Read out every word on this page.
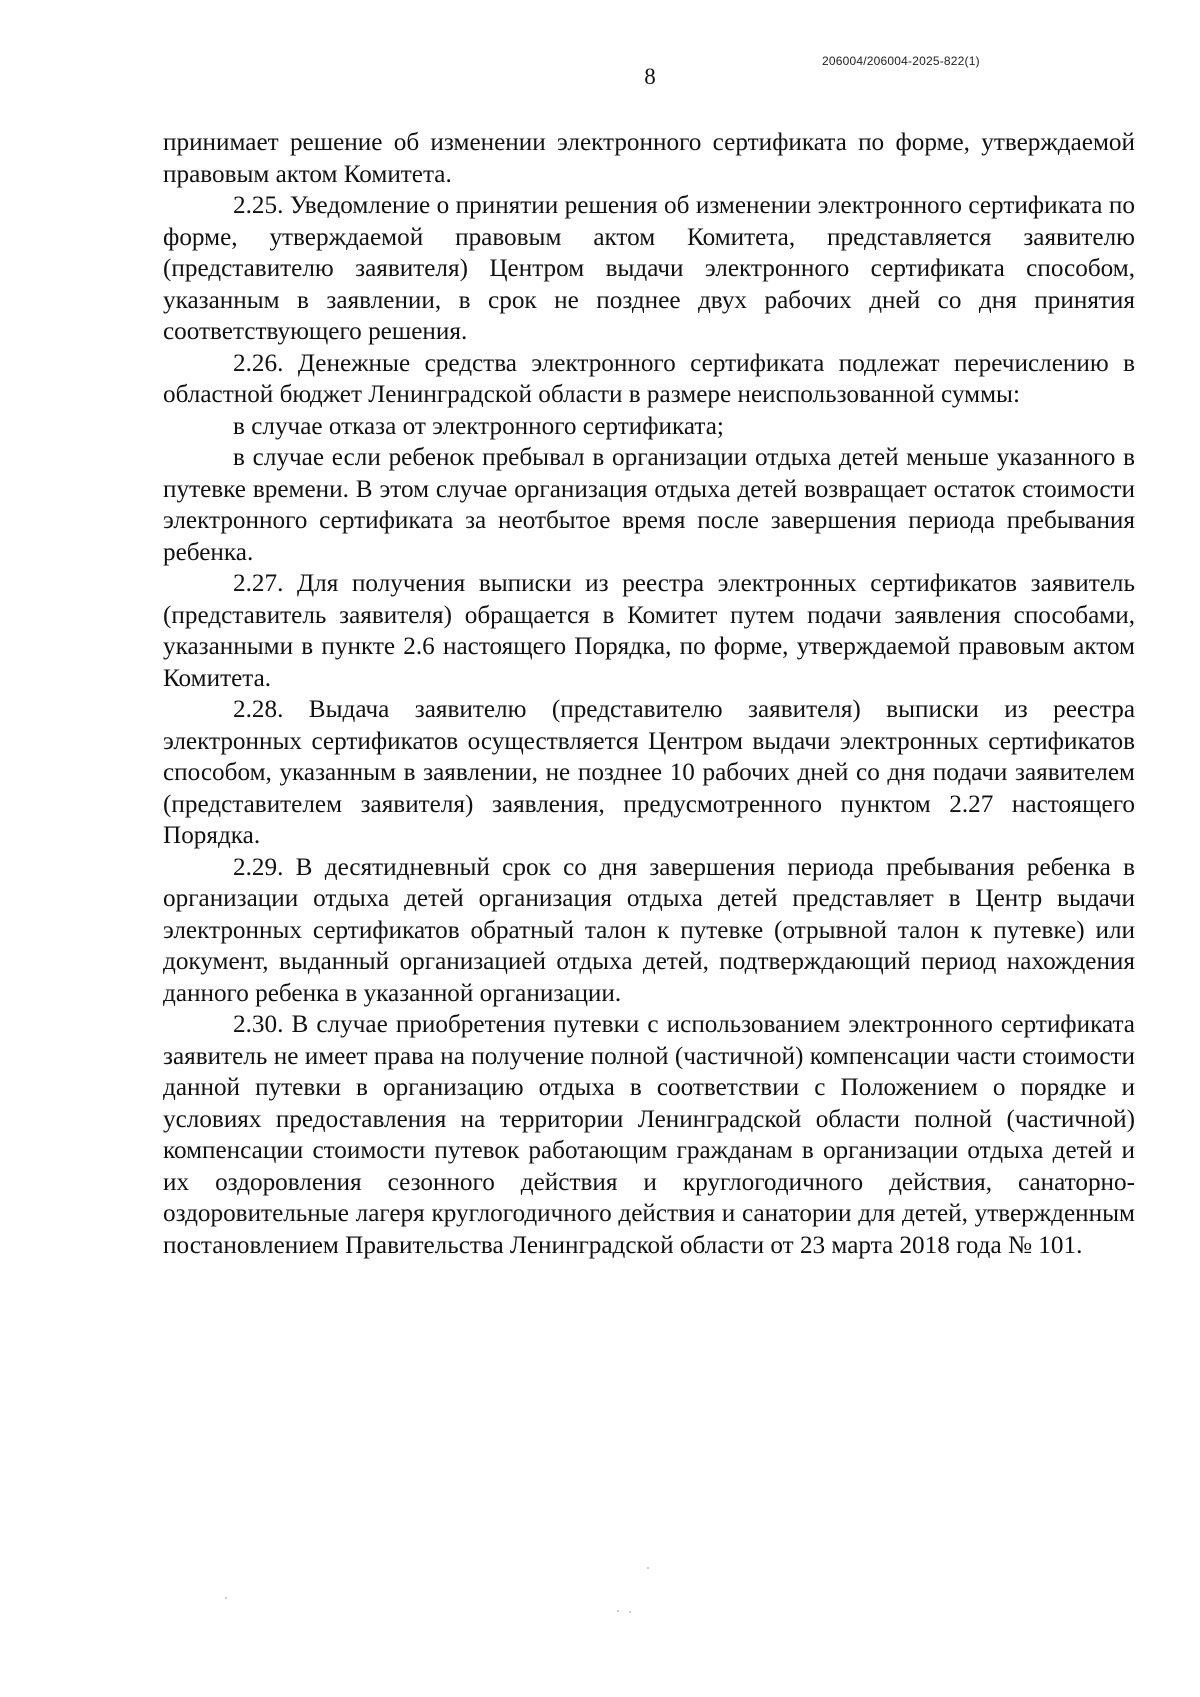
206004/206004-2025-822(1)
8

принимает решение об изменении электронного сертификата по форме, утверждаемой правовым актом Комитета.

2.25. Уведомление о принятии решения об изменении электронного сертификата по форме, утверждаемой правовым актом Комитета, представляется заявителю (представителю заявителя) Центром выдачи электронного сертификата способом, указанным в заявлении, в срок не позднее двух рабочих дней со дня принятия соответствующего решения.

2.26. Денежные средства электронного сертификата подлежат перечислению в областной бюджет Ленинградской области в размере неиспользованной суммы:

в случае отказа от электронного сертификата;

в случае если ребенок пребывал в организации отдыха детей меньше указанного в путевке времени. В этом случае организация отдыха детей возвращает остаток стоимости электронного сертификата за неотбытое время после завершения периода пребывания ребенка.

2.27. Для получения выписки из реестра электронных сертификатов заявитель (представитель заявителя) обращается в Комитет путем подачи заявления способами, указанными в пункте 2.6 настоящего Порядка, по форме, утверждаемой правовым актом Комитета.

2.28. Выдача заявителю (представителю заявителя) выписки из реестра электронных сертификатов осуществляется Центром выдачи электронных сертификатов способом, указанным в заявлении, не позднее 10 рабочих дней со дня подачи заявителем (представителем заявителя) заявления, предусмотренного пунктом 2.27 настоящего Порядка.

2.29. В десятидневный срок со дня завершения периода пребывания ребенка в организации отдыха детей организация отдыха детей представляет в Центр выдачи электронных сертификатов обратный талон к путевке (отрывной талон к путевке) или документ, выданный организацией отдыха детей, подтверждающий период нахождения данного ребенка в указанной организации.

2.30. В случае приобретения путевки с использованием электронного сертификата заявитель не имеет права на получение полной (частичной) компенсации части стоимости данной путевки в организацию отдыха в соответствии с Положением о порядке и условиях предоставления на территории Ленинградской области полной (частичной) компенсации стоимости путевок работающим гражданам в организации отдыха детей и их оздоровления сезонного действия и круглогодичного действия, санаторно-оздоровительные лагеря круглогодичного действия и санатории для детей, утвержденным постановлением Правительства Ленинградской области от 23 марта 2018 года № 101.
